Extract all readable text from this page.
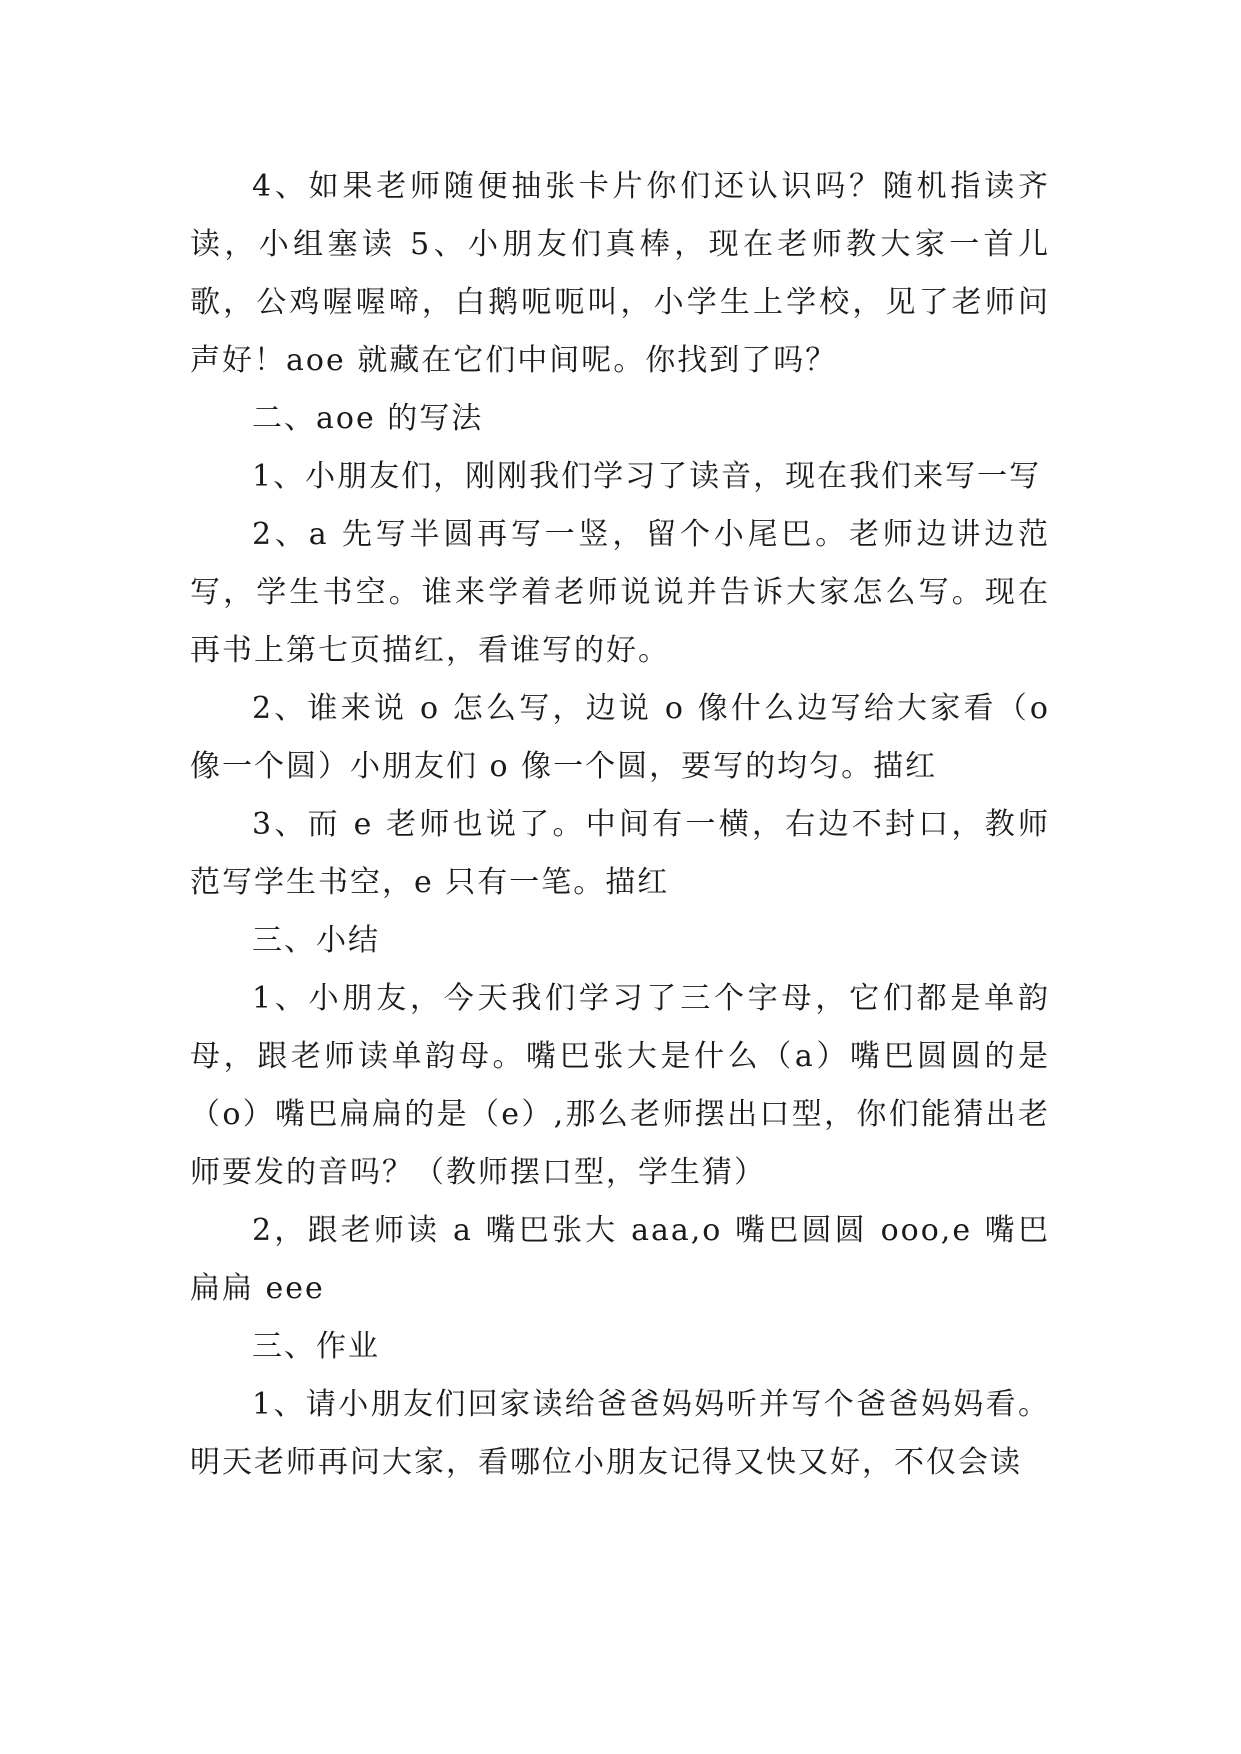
4、如果老师随便抽张卡片你们还认识吗？随机指读齐读，小组塞读 5、小朋友们真棒，现在老师教大家一首儿歌，公鸡喔喔啼，白鹅呃呃叫，小学生上学校，见了老师问声好！aoe 就藏在它们中间呢。你找到了吗？

二、aoe 的写法

1、小朋友们，刚刚我们学习了读音，现在我们来写一写

2、a 先写半圆再写一竖，留个小尾巴。老师边讲边范写，学生书空。谁来学着老师说说并告诉大家怎么写。现在再书上第七页描红，看谁写的好。

2、谁来说 o 怎么写，边说 o 像什么边写给大家看（o 像一个圆）小朋友们 o 像一个圆，要写的均匀。描红

3、而 e 老师也说了。中间有一横，右边不封口，教师范写学生书空，e 只有一笔。描红

三、小结

1、小朋友，今天我们学习了三个字母，它们都是单韵母，跟老师读单韵母。嘴巴张大是什么（a）嘴巴圆圆的是（o）嘴巴扁扁的是（e）,那么老师摆出口型，你们能猜出老师要发的音吗？（教师摆口型，学生猜）

2，跟老师读 a 嘴巴张大 aaa,o 嘴巴圆圆 ooo,e 嘴巴扁扁 eee

三、作业

1、请小朋友们回家读给爸爸妈妈听并写个爸爸妈妈看。明天老师再问大家，看哪位小朋友记得又快又好，不仅会读
